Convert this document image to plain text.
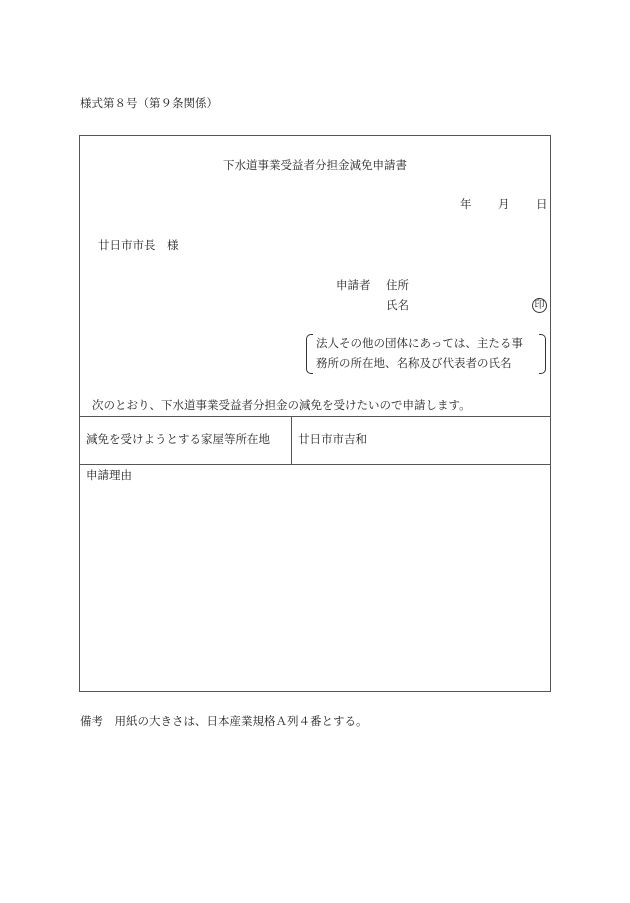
様式第８号（第９条関係）
下水道事業受益者分担金減免申請書
年 月 日
廿日市市長　様
申請者 住所
氏名	印
法人その他の団体にあっては、主たる事
務所の所在地、名称及び代表者の氏名
次のとおり、下水道事業受益者分担金の減免を受けたいので申請します。
減免を受けようとする家屋等所在地 廿日市市吉和
申請理由
備考　用紙の大きさは、日本産業規格Ａ列４番とする。
